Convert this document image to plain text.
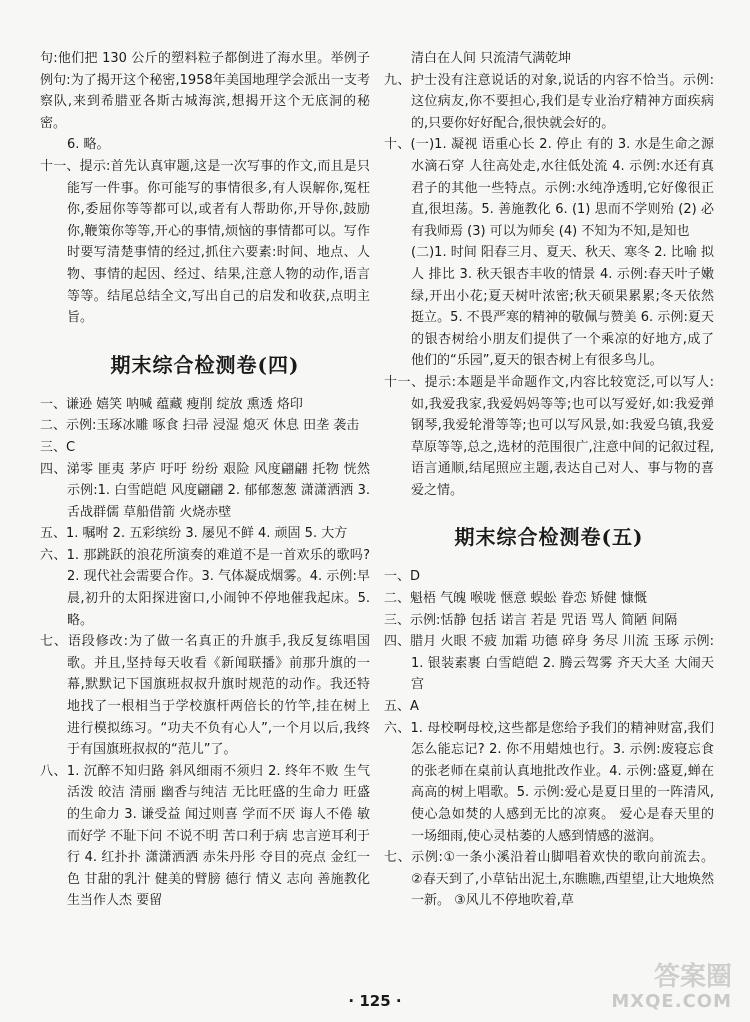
句:他们把 130 公斤的塑料粒子都倒进了海水里。举例子 例句:为了揭开这个秘密,1958年美国地理学会派出一支考察队,来到希腊亚各斯古城海滨,想揭开这个无底洞的秘密。

6. 略。

十一、提示:首先认真审题,这是一次写事的作文,而且是只能写一件事。你可能写的事情很多,有人误解你,冤枉你,委屈你等等都可以,或者有人帮助你,开导你,鼓励你,鞭策你等等,开心的事情,烦恼的事情都可以。写作时要写清楚事情的经过,抓住六要素:时间、地点、人物、事情的起因、经过、结果,注意人物的动作,语言等等。结尾总结全文,写出自己的启发和收获,点明主旨。

期末综合检测卷(四)

一、谦逊 嬉笑 呐喊 蕴藏 瘦削 绽放 熏透 烙印

二、示例:玉琢冰雕 啄食 扫帚 浸湿 熄灭 休息 田垄 袭击

三、C

四、涕零 匪夷 茅庐 吁吁 纷纷 艰险 风度翩翩 托物 恍然 示例:1. 白雪皑皑 风度翩翩 2. 郁郁葱葱 潇潇洒洒 3. 舌战群儒 草船借箭 火烧赤壁

五、1. 嘱咐 2. 五彩缤纷 3. 屡见不鲜 4. 顽固 5. 大方

六、1. 那跳跃的浪花所演奏的难道不是一首欢乐的歌吗? 2. 现代社会需要合作。3. 气体凝成烟雾。4. 示例:早晨,初升的太阳探进窗口,小闹钟不停地催我起床。5. 略。

七、语段修改:为了做一名真正的升旗手,我反复练唱国歌。并且,坚持每天收看《新闻联播》前那升旗的一幕,默默记下国旗班叔叔升旗时规范的动作。我还特地找了一根相当于学校旗杆两倍长的竹竿,挂在树上进行模拟练习。“功夫不负有心人”,一个月以后,我终于有国旗班叔叔的“范儿”了。

八、1. 沉醉不知归路 斜风细雨不须归 2. 终年不败 生气 活泼 皎洁 清丽 幽香与纯洁 无比旺盛的生命力 旺盛的生命力 3. 谦受益 闻过则喜 学而不厌 诲人不倦 敏而好学 不耻下问 不说不明 苦口利于病 忠言逆耳利于行 4. 红扑扑 潇潇洒洒 赤朱丹彤 夺目的亮点 金红一色 甘甜的乳汁 健美的臂膀 德行 情义 志向 善施教化 生当作人杰 要留

清白在人间 只流清气满乾坤

九、护士没有注意说话的对象,说话的内容不恰当。示例:这位病友,你不要担心,我们是专业治疗精神方面疾病的,只要你好好配合,很快就会好的。

十、(一)1. 凝视 语重心长 2. 停止 有的 3. 水是生命之源 水滴石穿 人往高处走,水往低处流 4. 示例:水还有真君子的其他一些特点。示例:水纯净透明,它好像很正直,很坦荡。5. 善施教化 6. (1) 思而不学则殆 (2) 必有我师焉 (3) 可以为师矣 (4) 不知为不知,是知也

(二)1. 时间 阳春三月、夏天、秋天、寒冬 2. 比喻 拟人 排比 3. 秋天银杏丰收的情景 4. 示例:春天叶子嫩绿,开出小花;夏天树叶浓密;秋天硕果累累;冬天依然挺立。5. 不畏严寒的精神的敬佩与赞美 6. 示例:夏天的银杏树给小朋友们提供了一个乘凉的好地方,成了他们的“乐园”,夏天的银杏树上有很多鸟儿。

十一、提示:本题是半命题作文,内容比较宽泛,可以写人:如,我爱我家,我爱妈妈等等;也可以写爱好,如:我爱弹钢琴,我爱轮滑等等;也可以写风景,如:我爱乌镇,我爱草原等等,总之,选材的范围很广,注意中间的记叙过程,语言通顺,结尾照应主题,表达自己对人、事与物的喜爱之情。

期末综合检测卷(五)

一、D

二、魁梧 气魄 喉咙 惬意 蜈蚣 眷恋 矫健 慷慨

三、示例:恬静 包括 诺言 若是 咒语 骂人 简陋 间隔

四、腊月 火眼 不疲 加霜 功德 碎身 务尽 川流 玉琢 示例:1. 银装素裹 白雪皑皑 2. 腾云驾雾 齐天大圣 大闹天宫

五、A

六、1. 母校啊母校,这些都是您给予我们的精神财富,我们怎么能忘记? 2. 你不用蜡烛也行。3. 示例:废寝忘食的张老师在桌前认真地批改作业。4. 示例:盛夏,蝉在高高的树上唱歌。5. 示例:爱心是夏日里的一阵清风,使心急如焚的人感到无比的凉爽。 爱心是春天里的一场细雨,使心灵枯萎的人感到情感的滋润。

七、示例:①一条小溪沿着山脚唱着欢快的歌向前流去。 ②春天到了,小草钻出泥土,东瞧瞧,西望望,让大地焕然一新。 ③风儿不停地吹着,草

· 125 ·
答案圈
MXQE.COM
